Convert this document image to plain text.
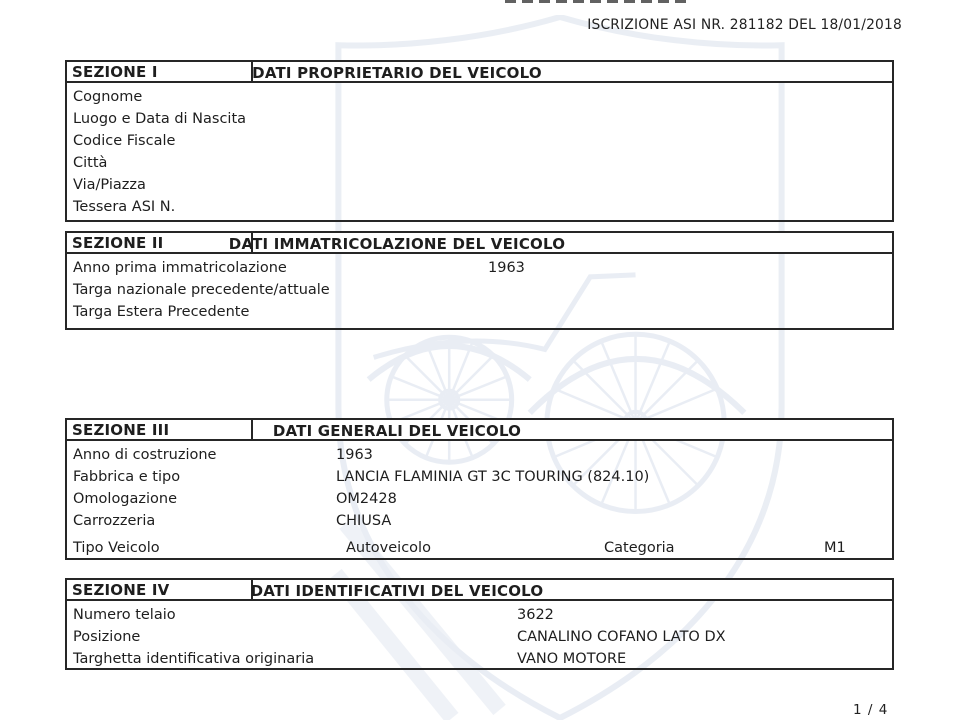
ISCRIZIONE ASI NR. 281182 DEL 18/01/2018
SEZIONE I	DATI PROPRIETARIO DEL VEICOLO
Cognome
Luogo e Data di Nascita
Codice Fiscale
Città
Via/Piazza
Tessera ASI N.
SEZIONE II	DATI IMMATRICOLAZIONE DEL VEICOLO
Anno prima immatricolazione	1963
Targa nazionale precedente/attuale
Targa Estera Precedente
SEZIONE III	DATI GENERALI DEL VEICOLO
Anno di costruzione	1963
Fabbrica e tipo	LANCIA FLAMINIA GT 3C TOURING (824.10)
Omologazione	OM2428
Carrozzeria	CHIUSA
Tipo Veicolo	Autoveicolo	Categoria	M1
SEZIONE IV	DATI IDENTIFICATIVI DEL VEICOLO
Numero telaio	3622
Posizione	CANALINO COFANO LATO DX
Targhetta identificativa originaria	VANO MOTORE
1 / 4
